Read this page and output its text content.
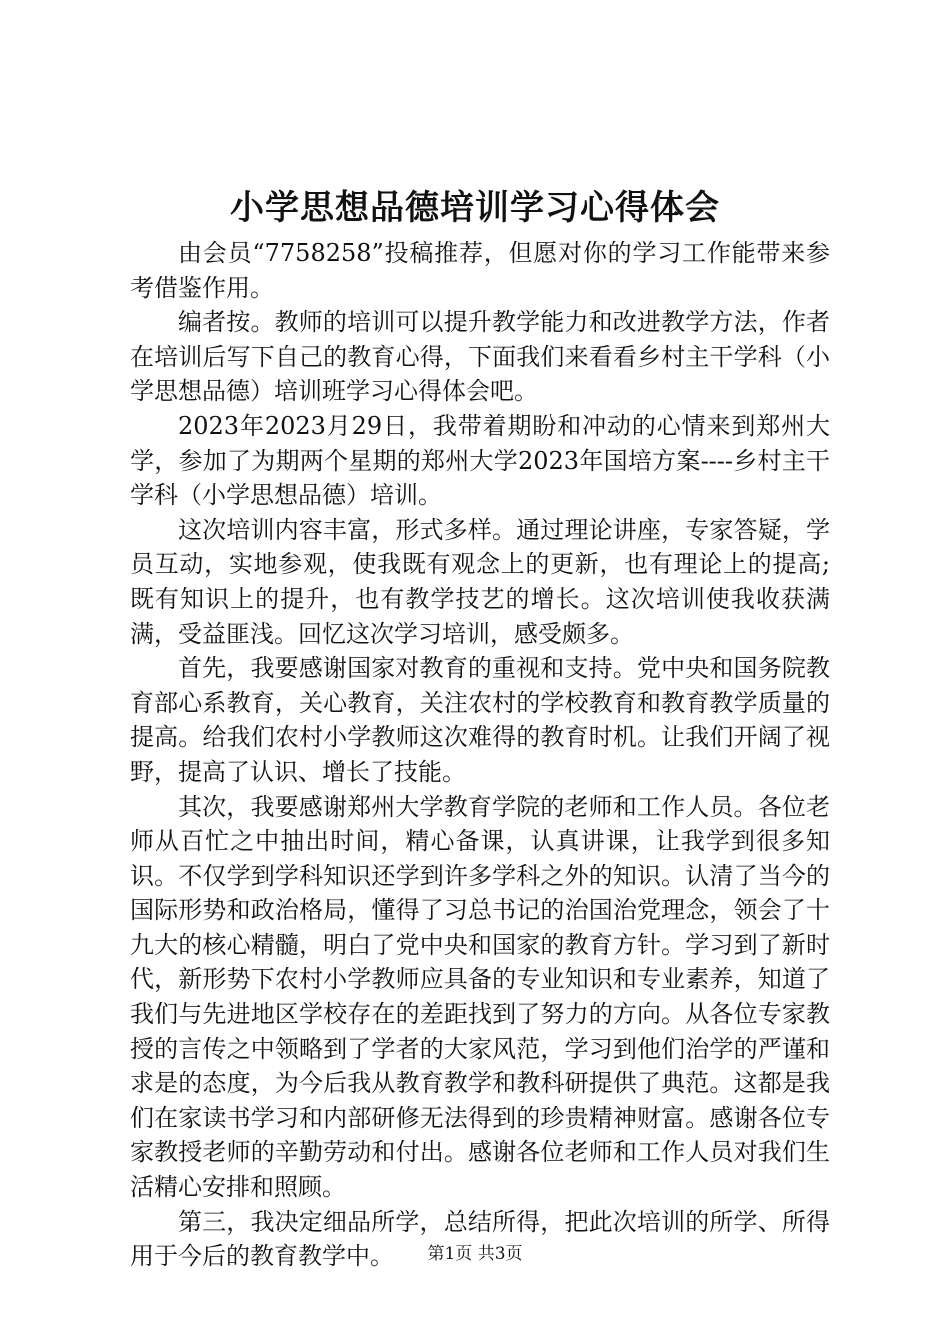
小学思想品德培训学习心得体会

由会员“7758258”投稿推荐，但愿对你的学习工作能带来参考借鉴作用。

编者按。教师的培训可以提升教学能力和改进教学方法，作者在培训后写下自己的教育心得，下面我们来看看乡村主干学科（小学思想品德）培训班学习心得体会吧。

2023年2023月29日，我带着期盼和冲动的心情来到郑州大学，参加了为期两个星期的郑州大学2023年国培方案----乡村主干学科（小学思想品德）培训。

这次培训内容丰富，形式多样。通过理论讲座，专家答疑，学员互动，实地参观，使我既有观念上的更新，也有理论上的提高;既有知识上的提升，也有教学技艺的增长。这次培训使我收获满满，受益匪浅。回忆这次学习培训，感受颇多。

首先，我要感谢国家对教育的重视和支持。党中央和国务院教育部心系教育，关心教育，关注农村的学校教育和教育教学质量的提高。给我们农村小学教师这次难得的教育时机。让我们开阔了视野，提高了认识、增长了技能。

其次，我要感谢郑州大学教育学院的老师和工作人员。各位老师从百忙之中抽出时间，精心备课，认真讲课，让我学到很多知识。不仅学到学科知识还学到许多学科之外的知识。认清了当今的国际形势和政治格局，懂得了习总书记的治国治党理念，领会了十九大的核心精髓，明白了党中央和国家的教育方针。学习到了新时代，新形势下农村小学教师应具备的专业知识和专业素养，知道了我们与先进地区学校存在的差距找到了努力的方向。从各位专家教授的言传之中领略到了学者的大家风范，学习到他们治学的严谨和求是的态度，为今后我从教育教学和教科研提供了典范。这都是我们在家读书学习和内部研修无法得到的珍贵精神财富。感谢各位专家教授老师的辛勤劳动和付出。感谢各位老师和工作人员对我们生活精心安排和照顾。

第三，我决定细品所学，总结所得，把此次培训的所学、所得用于今后的教育教学中。	第1页 共3页
